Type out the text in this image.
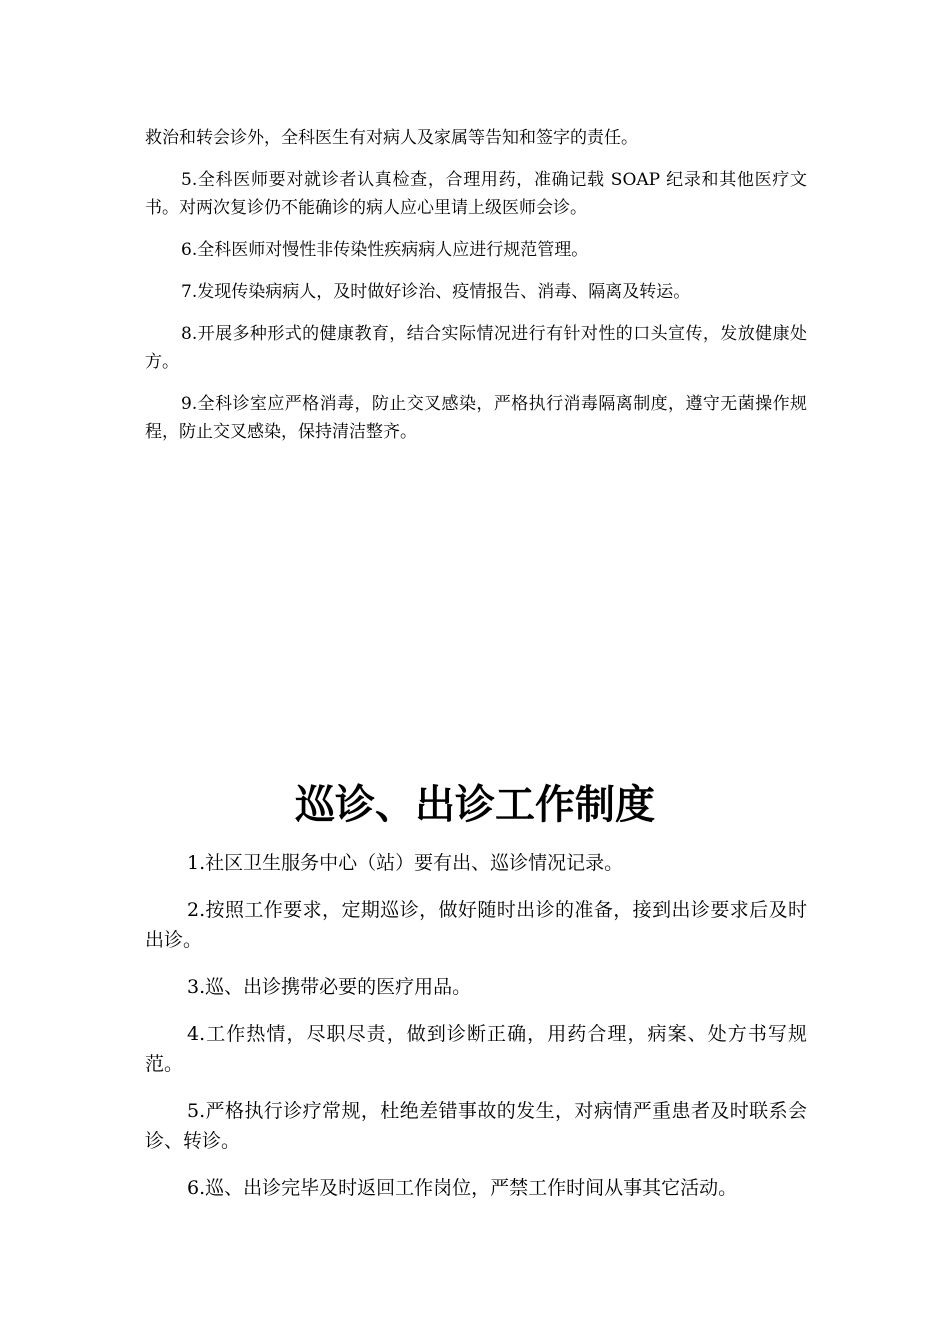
救治和转会诊外，全科医生有对病人及家属等告知和签字的责任。

5.全科医师要对就诊者认真检查，合理用药，准确记载 SOAP 纪录和其他医疗文书。对两次复诊仍不能确诊的病人应心里请上级医师会诊。

6.全科医师对慢性非传染性疾病病人应进行规范管理。

7.发现传染病病人，及时做好诊治、疫情报告、消毒、隔离及转运。

8.开展多种形式的健康教育，结合实际情况进行有针对性的口头宣传，发放健康处方。

9.全科诊室应严格消毒，防止交叉感染，严格执行消毒隔离制度，遵守无菌操作规程，防止交叉感染，保持清洁整齐。

巡诊、出诊工作制度

1.社区卫生服务中心（站）要有出、巡诊情况记录。

2.按照工作要求，定期巡诊，做好随时出诊的准备，接到出诊要求后及时出诊。

3.巡、出诊携带必要的医疗用品。

4.工作热情，尽职尽责，做到诊断正确，用药合理，病案、处方书写规范。

5.严格执行诊疗常规，杜绝差错事故的发生，对病情严重患者及时联系会诊、转诊。

6.巡、出诊完毕及时返回工作岗位，严禁工作时间从事其它活动。
